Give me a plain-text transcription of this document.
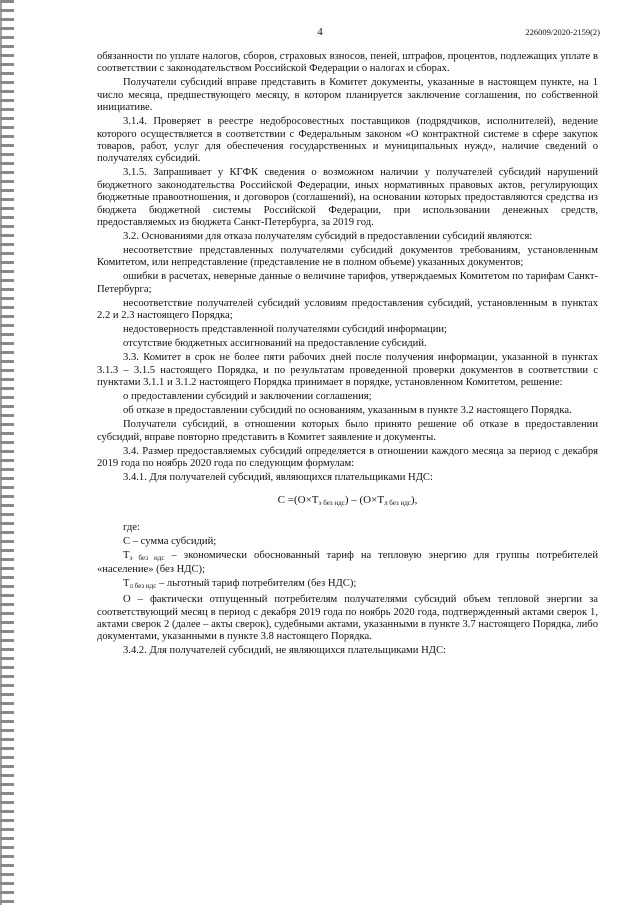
4	226009/2020-2159(2)

обязанности по уплате налогов, сборов, страховых взносов, пеней, штрафов, процентов, подлежащих уплате в соответствии с законодательством Российской Федерации о налогах и сборах.

Получатели субсидий вправе представить в Комитет документы, указанные в настоящем пункте, на 1 число месяца, предшествующего месяцу, в котором планируется заключение соглашения, по собственной инициативе.

3.1.4. Проверяет в реестре недобросовестных поставщиков (подрядчиков, исполнителей), ведение которого осуществляется в соответствии с Федеральным законом «О контрактной системе в сфере закупок товаров, работ, услуг для обеспечения государственных и муниципальных нужд», наличие сведений о получателях субсидий.

3.1.5. Запрашивает у КГФК сведения о возможном наличии у получателей субсидий нарушений бюджетного законодательства Российской Федерации, иных нормативных правовых актов, регулирующих бюджетные правоотношения, и договоров (соглашений), на основании которых предоставляются средства из бюджета бюджетной системы Российской Федерации, при использовании денежных средств, предоставляемых из бюджета Санкт-Петербурга, за 2019 год.

3.2. Основаниями для отказа получателям субсидий в предоставлении субсидий являются:

несоответствие представленных получателями субсидий документов требованиям, установленным Комитетом, или непредставление (представление не в полном объеме) указанных документов;

ошибки в расчетах, неверные данные о величине тарифов, утверждаемых Комитетом по тарифам Санкт-Петербурга;

несоответствие получателей субсидий условиям предоставления субсидий, установленным в пунктах 2.2 и 2.3 настоящего Порядка;

недостоверность представленной получателями субсидий информации;

отсутствие бюджетных ассигнований на предоставление субсидий.

3.3. Комитет в срок не более пяти рабочих дней после получения информации, указанной в пунктах 3.1.3 – 3.1.5 настоящего Порядка, и по результатам проведенной проверки документов в соответствии с пунктами 3.1.1 и 3.1.2 настоящего Порядка принимает в порядке, установленном Комитетом, решение:

о предоставлении субсидий и заключении соглашения;

об отказе в предоставлении субсидий по основаниям, указанным в пункте 3.2 настоящего Порядка.

Получатели субсидий, в отношении которых было принято решение об отказе в предоставлении субсидий, вправе повторно представить в Комитет заявление и документы.

3.4. Размер предоставляемых субсидий определяется в отношении каждого месяца за период с декабря 2019 года по ноябрь 2020 года по следующим формулам:

3.4.1. Для получателей субсидий, являющихся плательщиками НДС:

$С =(О\times Т_{э без ндс}) - (О\times Т_{л без ндс})$,

где:

С – сумма субсидий;

$Т_{э без ндс}$ – экономически обоснованный тариф на тепловую энергию для группы потребителей «население» (без НДС);

$Т_{л без ндс}$ – льготный тариф потребителям (без НДС);

О – фактически отпущенный потребителям получателями субсидий объем тепловой энергии за соответствующий месяц в период с декабря 2019 года по ноябрь 2020 года, подтвержденный актами сверок 1, актами сверок 2 (далее – акты сверок), судебными актами, указанными в пункте 3.7 настоящего Порядка, либо документами, указанными в пункте 3.8 настоящего Порядка.

3.4.2. Для получателей субсидий, не являющихся плательщиками НДС:
